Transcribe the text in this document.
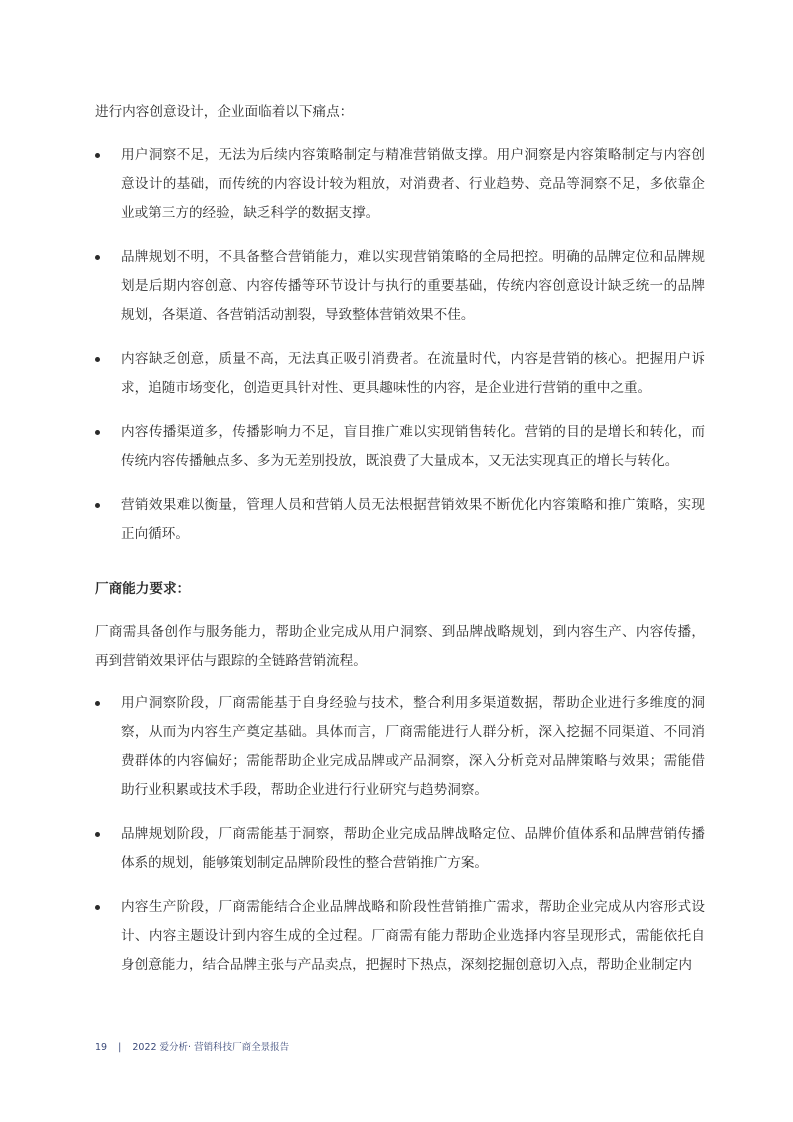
进行内容创意设计，企业面临着以下痛点：

用户洞察不足，无法为后续内容策略制定与精准营销做支撑。用户洞察是内容策略制定与内容创意设计的基础，而传统的内容设计较为粗放，对消费者、行业趋势、竞品等洞察不足，多依靠企业或第三方的经验，缺乏科学的数据支撑。
品牌规划不明，不具备整合营销能力，难以实现营销策略的全局把控。明确的品牌定位和品牌规划是后期内容创意、内容传播等环节设计与执行的重要基础，传统内容创意设计缺乏统一的品牌规划，各渠道、各营销活动割裂，导致整体营销效果不佳。
内容缺乏创意，质量不高，无法真正吸引消费者。在流量时代，内容是营销的核心。把握用户诉求，追随市场变化，创造更具针对性、更具趣味性的内容，是企业进行营销的重中之重。
内容传播渠道多，传播影响力不足，盲目推广难以实现销售转化。营销的目的是增长和转化，而传统内容传播触点多、多为无差别投放，既浪费了大量成本，又无法实现真正的增长与转化。
营销效果难以衡量，管理人员和营销人员无法根据营销效果不断优化内容策略和推广策略，实现正向循环。

厂商能力要求：

厂商需具备创作与服务能力，帮助企业完成从用户洞察、到品牌战略规划，到内容生产、内容传播，再到营销效果评估与跟踪的全链路营销流程。

用户洞察阶段，厂商需能基于自身经验与技术，整合利用多渠道数据，帮助企业进行多维度的洞察，从而为内容生产奠定基础。具体而言，厂商需能进行人群分析，深入挖掘不同渠道、不同消费群体的内容偏好；需能帮助企业完成品牌或产品洞察，深入分析竞对品牌策略与效果；需能借助行业积累或技术手段，帮助企业进行行业研究与趋势洞察。
品牌规划阶段，厂商需能基于洞察，帮助企业完成品牌战略定位、品牌价值体系和品牌营销传播体系的规划，能够策划制定品牌阶段性的整合营销推广方案。
内容生产阶段，厂商需能结合企业品牌战略和阶段性营销推广需求，帮助企业完成从内容形式设计、内容主题设计到内容生成的全过程。厂商需有能力帮助企业选择内容呈现形式，需能依托自身创意能力，结合品牌主张与产品卖点，把握时下热点，深刻挖掘创意切入点，帮助企业制定内
19 | 2022 爱分析· 营销科技厂商全景报告
